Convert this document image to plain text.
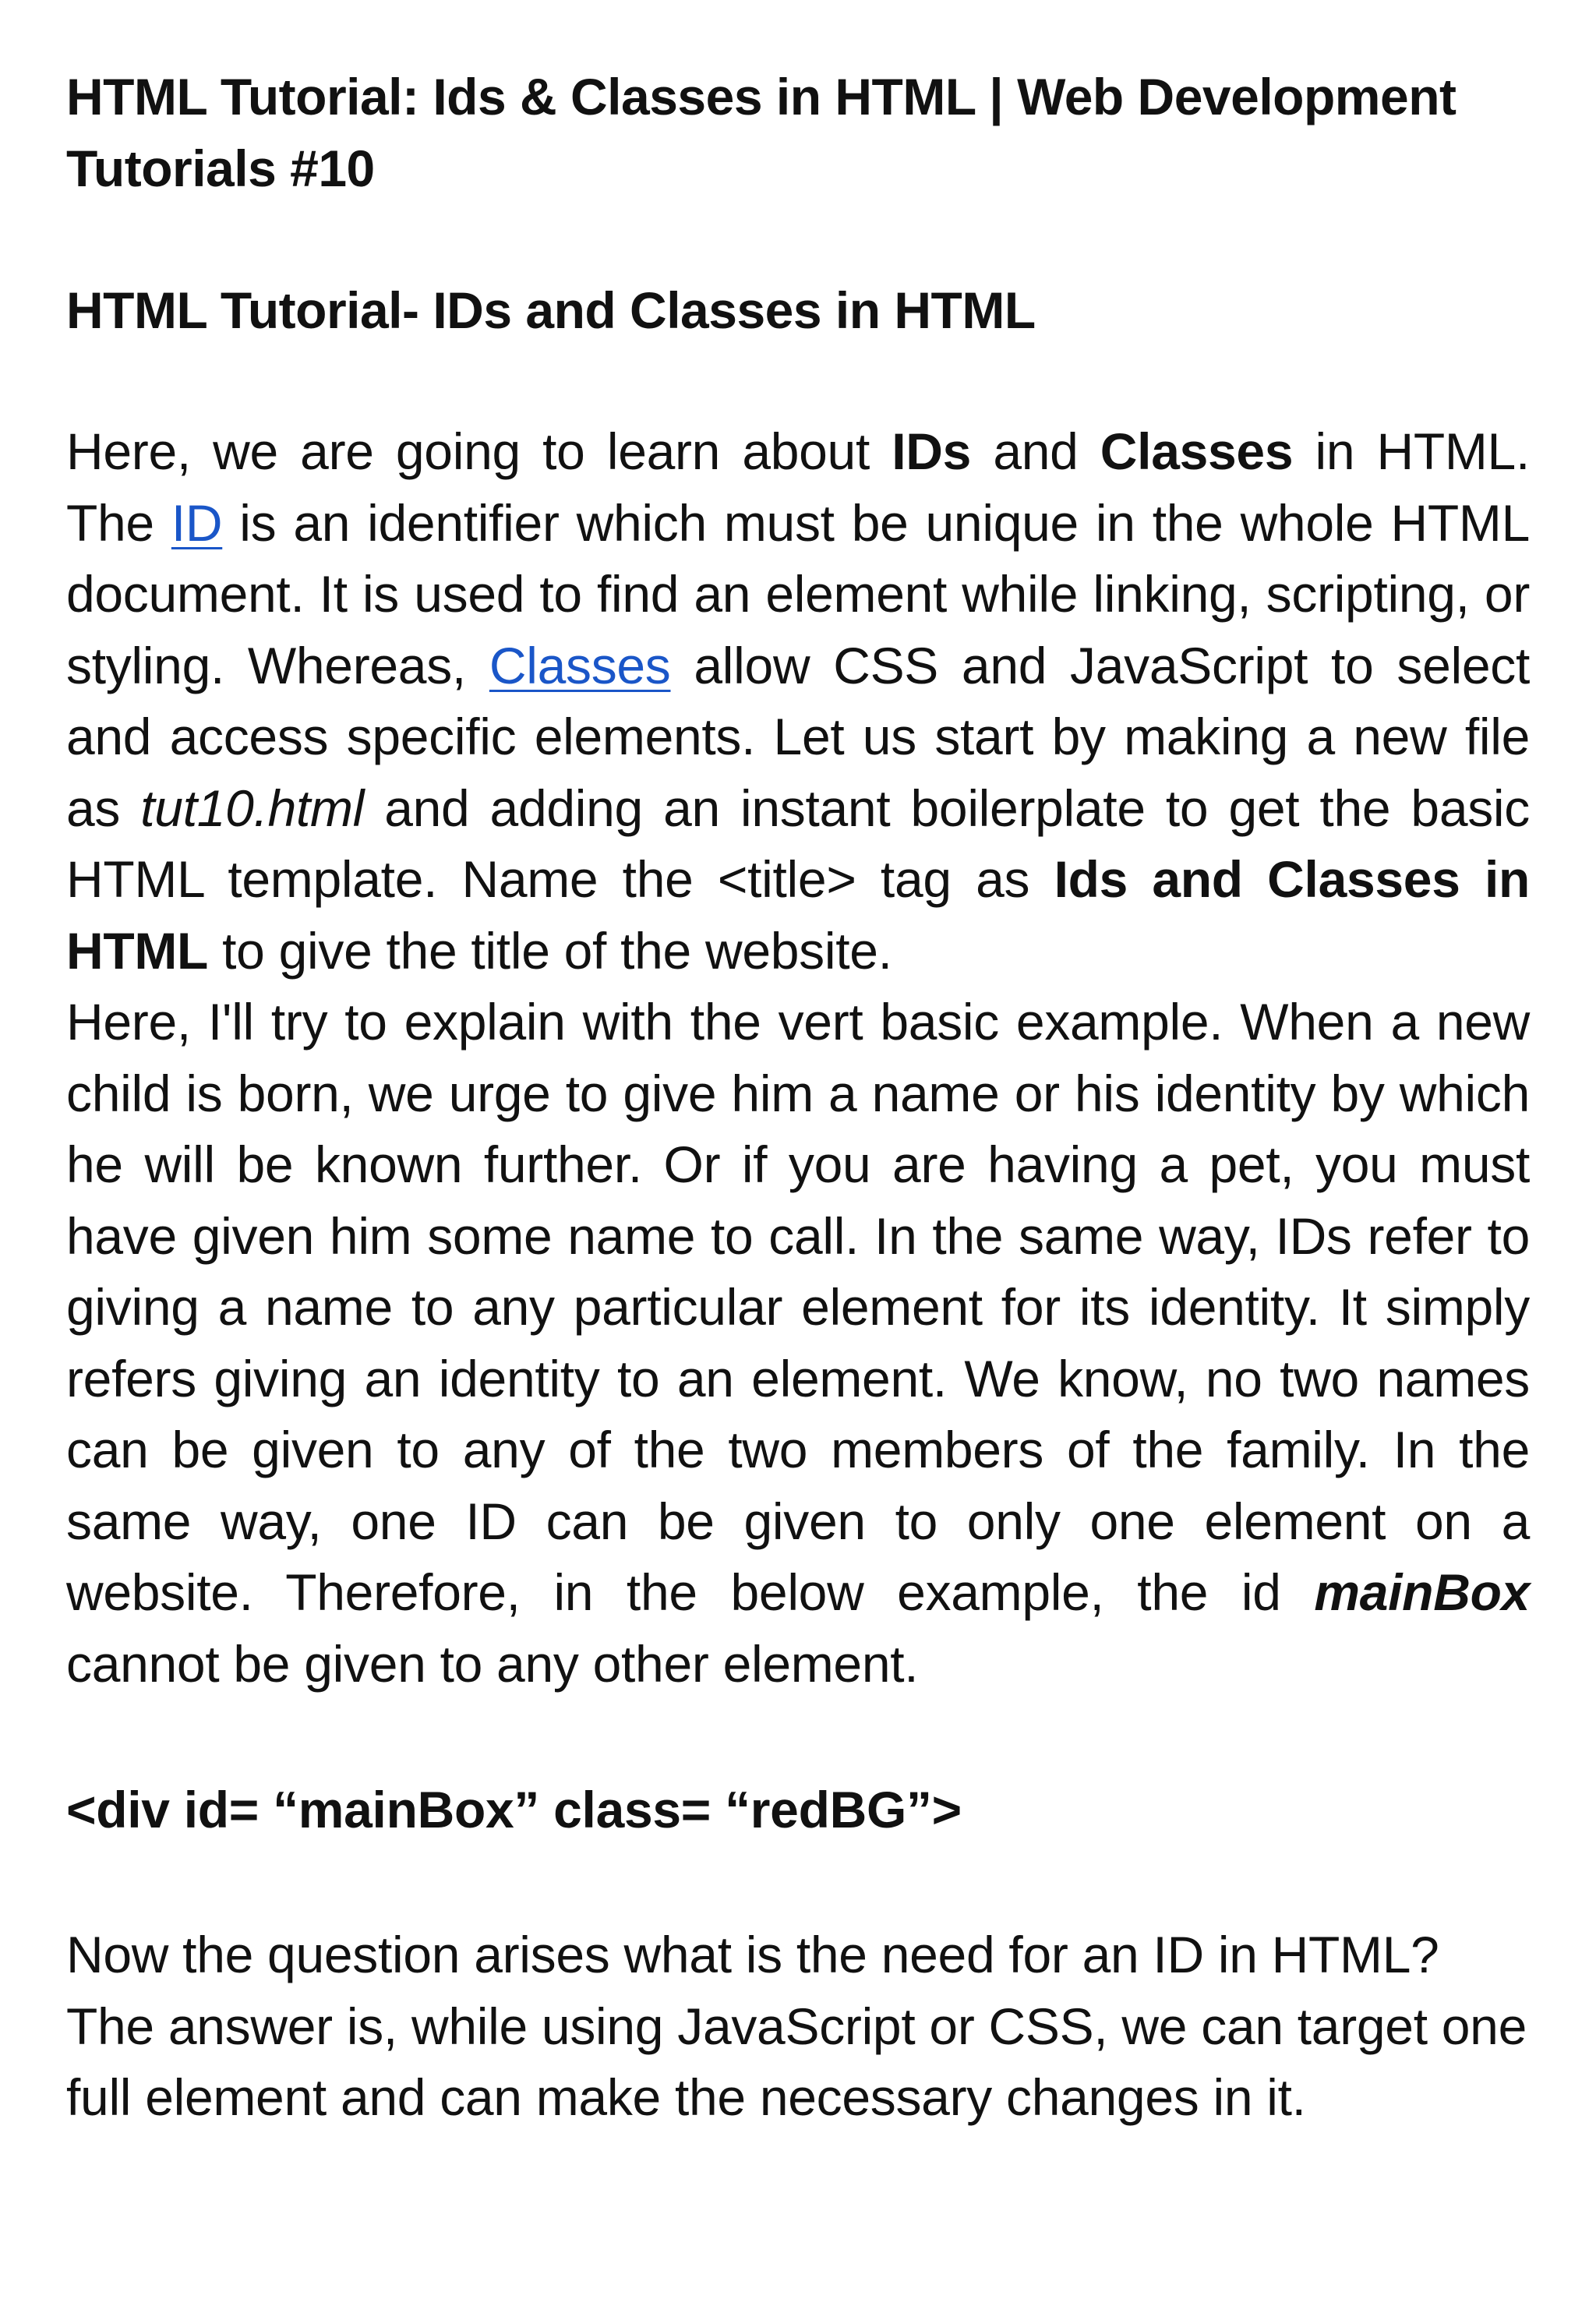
HTML Tutorial: Ids & Classes in HTML | Web Development Tutorials #10
HTML Tutorial- IDs and Classes in HTML

Here, we are going to learn about IDs and Classes in HTML. The ID is an identifier which must be unique in the whole HTML document. It is used to find an element while linking, scripting, or styling. Whereas, Classes allow CSS and JavaScript to select and access specific elements. Let us start by making a new file as tut10.html and adding an instant boilerplate to get the basic HTML template. Name the <title> tag as Ids and Classes in HTML to give the title of the website.

Here, I'll try to explain with the vert basic example. When a new child is born, we urge to give him a name or his identity by which he will be known further. Or if you are having a pet, you must have given him some name to call. In the same way, IDs refer to giving a name to any particular element for its identity. It simply refers giving an identity to an element. We know, no two names can be given to any of the two members of the family. In the same way, one ID can be given to only one element on a website. Therefore, in the below example, the id mainBox cannot be given to any other element.

<div id= “mainBox” class= “redBG”>

Now the question arises what is the need for an ID in HTML? The answer is, while using JavaScript or CSS, we can target one full element and can make the necessary changes in it.
